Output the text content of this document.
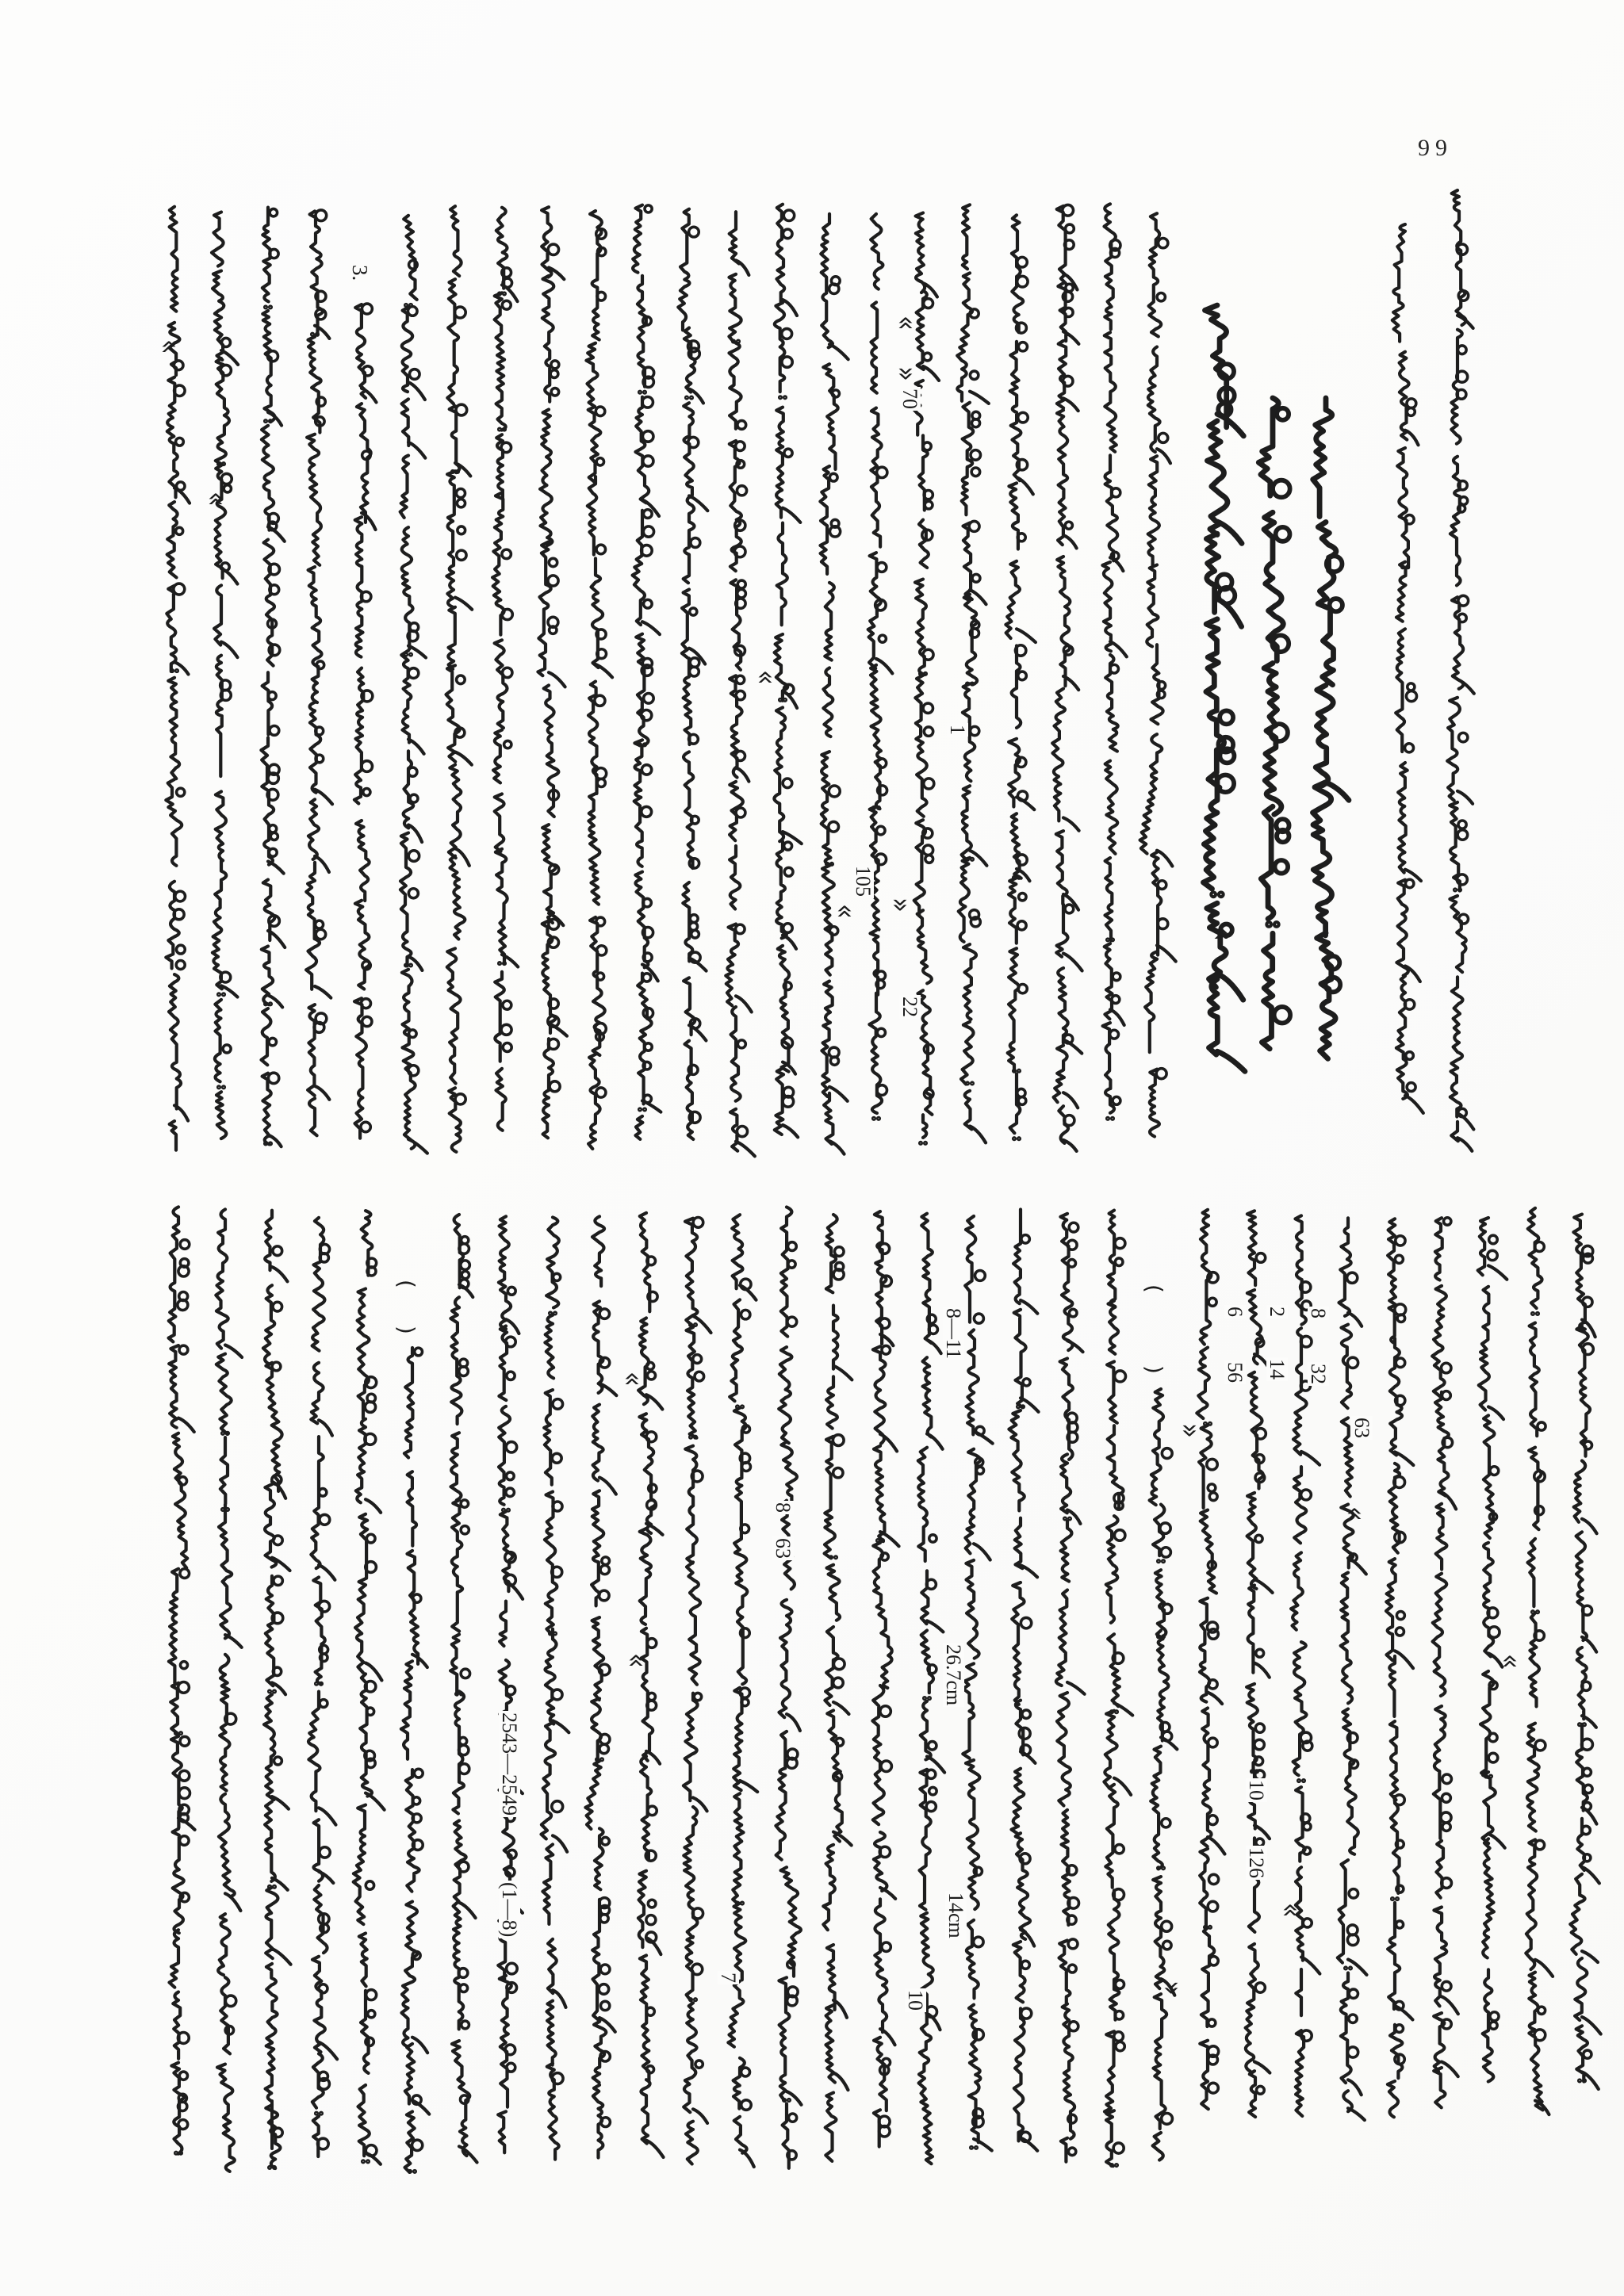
99
3.
70
1
105
22
8—11	6
56
2
14
8
32
63
8
63
26.7cm
2543—2549	10
126
(1—8)	14cm
7
10
«
«
«
»
«
« »
«
«
»
«
«	«
«
»
(
)
(
)
